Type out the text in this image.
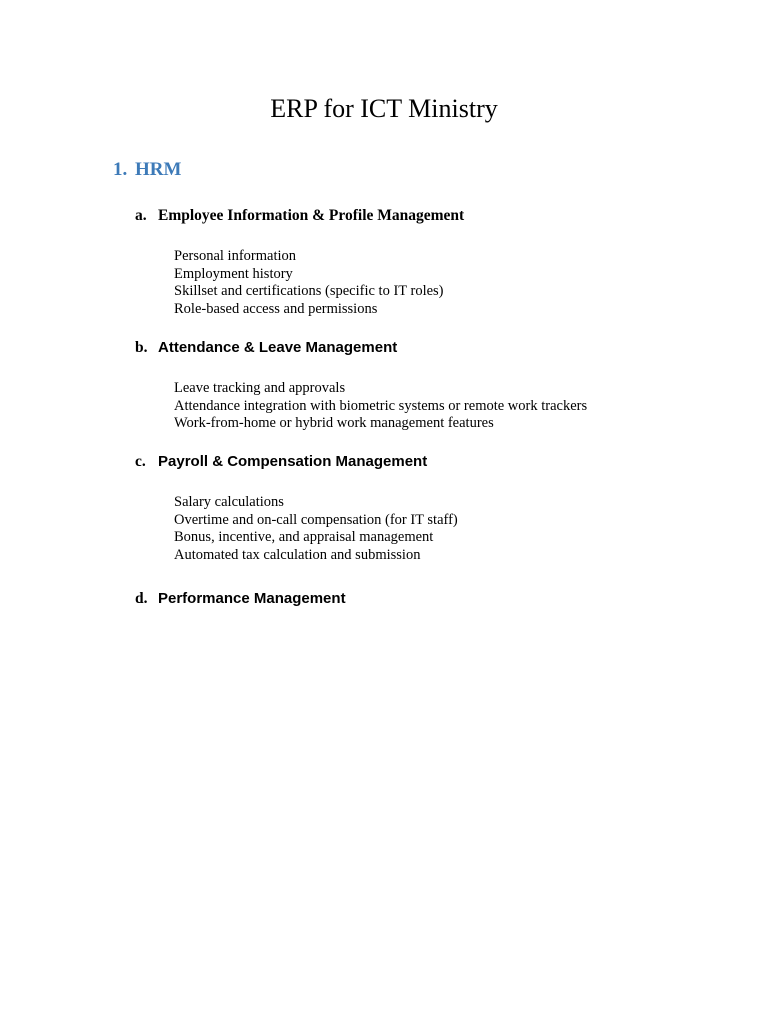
ERP for ICT Ministry
1. HRM
a. Employee Information & Profile Management
Personal information
Employment history
Skillset and certifications (specific to IT roles)
Role-based access and permissions
b. Attendance & Leave Management
Leave tracking and approvals
Attendance integration with biometric systems or remote work trackers
Work-from-home or hybrid work management features
c. Payroll & Compensation Management
Salary calculations
Overtime and on-call compensation (for IT staff)
Bonus, incentive, and appraisal management
Automated tax calculation and submission
d. Performance Management
